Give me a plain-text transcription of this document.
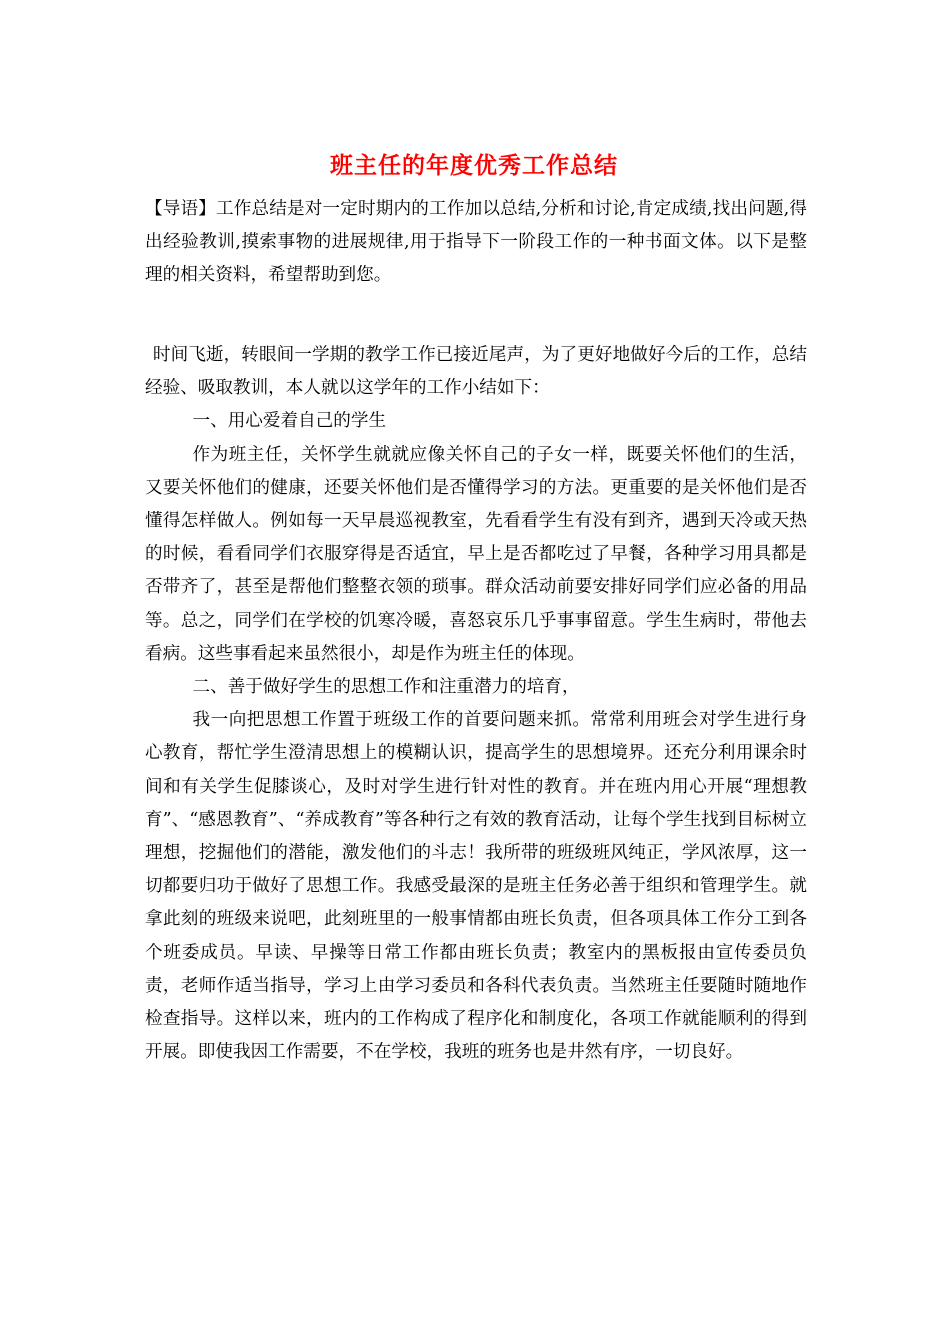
班主任的年度优秀工作总结
【导语】工作总结是对一定时期内的工作加以总结,分析和讨论,肯定成绩,找出问题,得出经验教训,摸索事物的进展规律,用于指导下一阶段工作的一种书面文体。以下是整理的相关资料，希望帮助到您。

时间飞逝，转眼间一学期的教学工作已接近尾声，为了更好地做好今后的工作，总结经验、吸取教训，本人就以这学年的工作小结如下：

一、用心爱着自己的学生

作为班主任，关怀学生就就应像关怀自己的子女一样，既要关怀他们的生活，又要关怀他们的健康，还要关怀他们是否懂得学习的方法。更重要的是关怀他们是否懂得怎样做人。例如每一天早晨巡视教室，先看看学生有没有到齐，遇到天冷或天热的时候，看看同学们衣服穿得是否适宜，早上是否都吃过了早餐，各种学习用具都是否带齐了，甚至是帮他们整整衣领的琐事。群众活动前要安排好同学们应必备的用品等。总之，同学们在学校的饥寒冷暖，喜怒哀乐几乎事事留意。学生生病时，带他去看病。这些事看起来虽然很小，却是作为班主任的体现。

二、善于做好学生的思想工作和注重潜力的培育，

我一向把思想工作置于班级工作的首要问题来抓。常常利用班会对学生进行身心教育，帮忙学生澄清思想上的模糊认识，提高学生的思想境界。还充分利用课余时间和有关学生促膝谈心，及时对学生进行针对性的教育。并在班内用心开展“理想教育”、“感恩教育”、“养成教育”等各种行之有效的教育活动，让每个学生找到目标树立理想，挖掘他们的潜能，激发他们的斗志！我所带的班级班风纯正，学风浓厚，这一切都要归功于做好了思想工作。我感受最深的是班主任务必善于组织和管理学生。就拿此刻的班级来说吧，此刻班里的一般事情都由班长负责，但各项具体工作分工到各个班委成员。早读、早操等日常工作都由班长负责；教室内的黑板报由宣传委员负责，老师作适当指导，学习上由学习委员和各科代表负责。当然班主任要随时随地作检查指导。这样以来，班内的工作构成了程序化和制度化，各项工作就能顺利的得到开展。即使我因工作需要，不在学校，我班的班务也是井然有序，一切良好。
